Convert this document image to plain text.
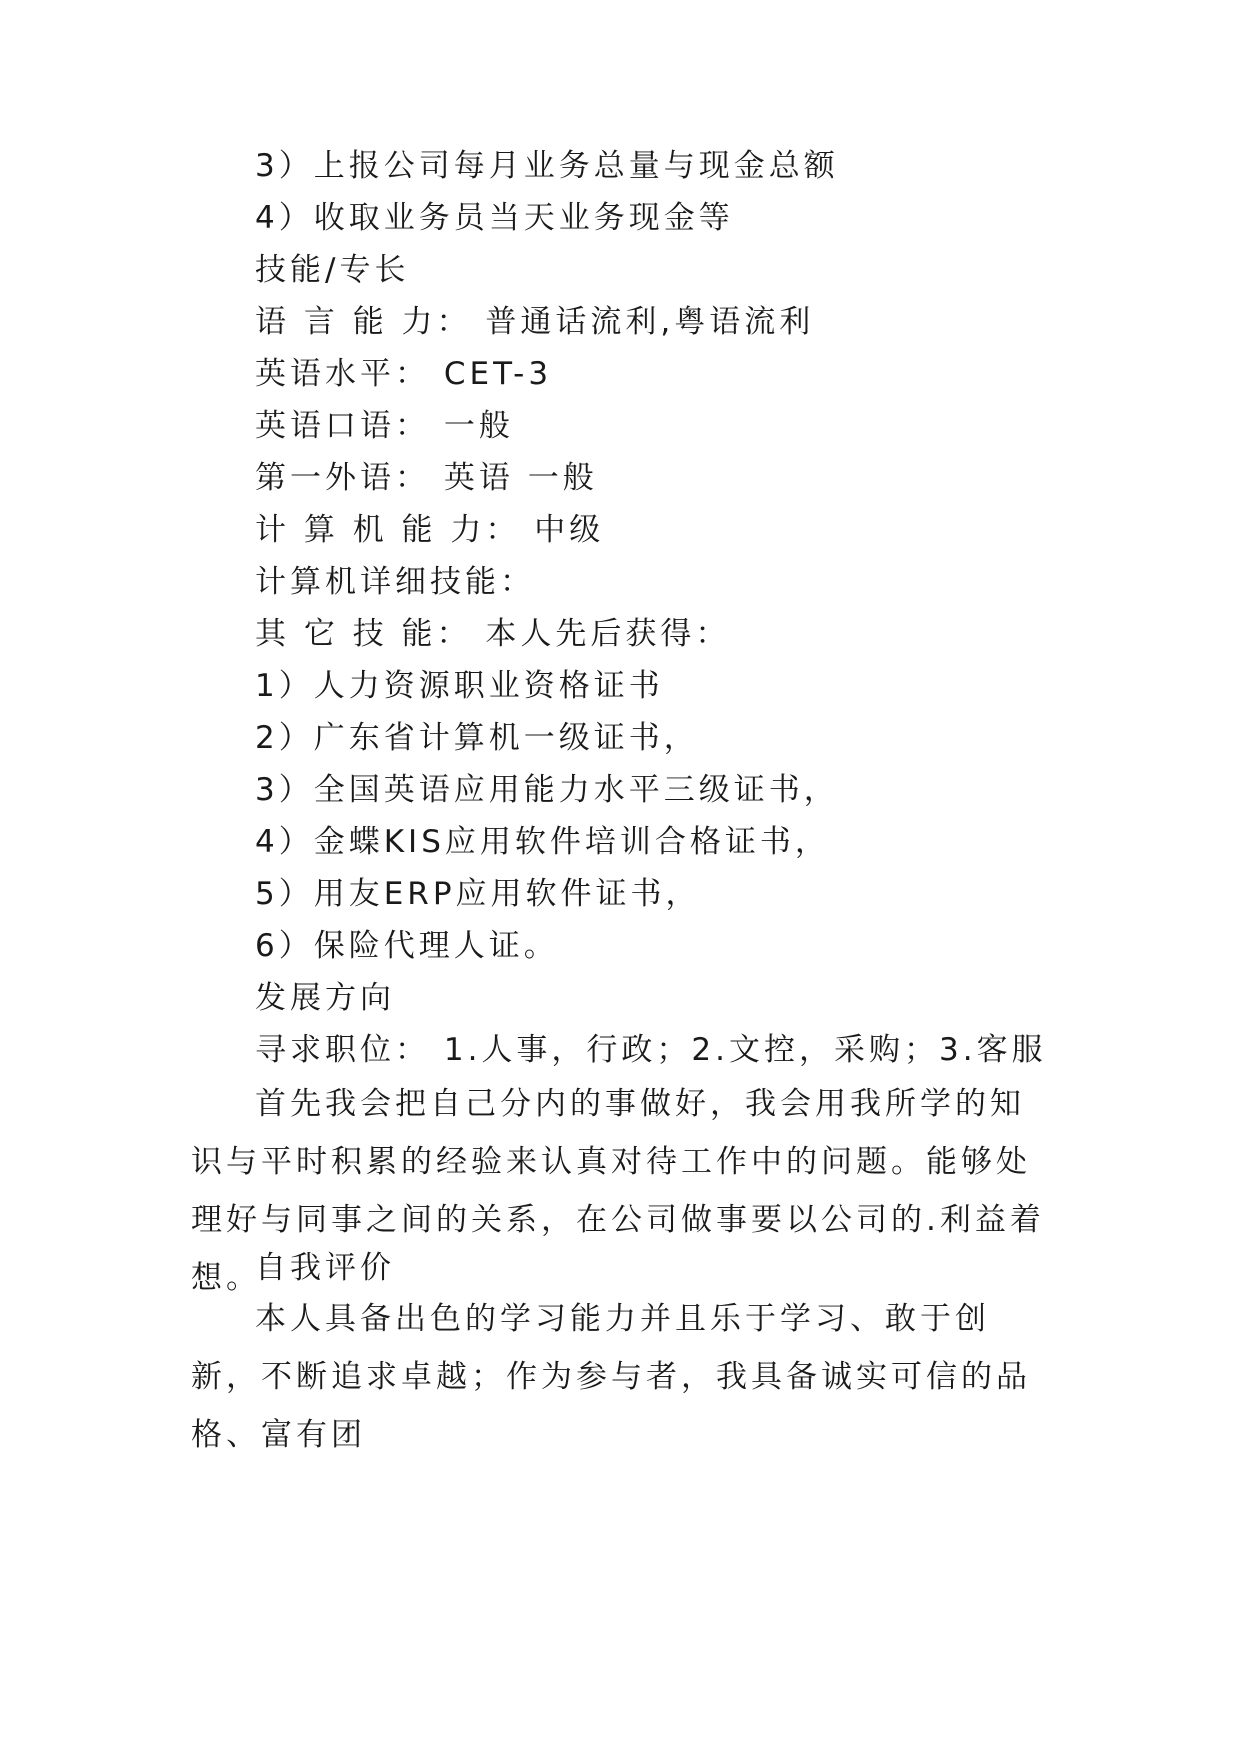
3）上报公司每月业务总量与现金总额
4）收取业务员当天业务现金等
技能/专长
语 言 能 力： 普通话流利,粤语流利
英语水平： CET-3
英语口语： 一般
第一外语： 英语 一般
计 算 机 能 力： 中级
计算机详细技能：
其 它 技 能： 本人先后获得：
1）人力资源职业资格证书
2）广东省计算机一级证书，
3）全国英语应用能力水平三级证书，
4）金蝶KIS应用软件培训合格证书，
5）用友ERP应用软件证书，
6）保险代理人证。
发展方向
寻求职位： 1.人事，行政；2.文控，采购；3.客服
首先我会把自己分内的事做好，我会用我所学的知识与平时积累的经验来认真对待工作中的问题。能够处理好与同事之间的关系，在公司做事要以公司的.利益着想。
自我评价
本人具备出色的学习能力并且乐于学习、敢于创新，不断追求卓越；作为参与者，我具备诚实可信的品格、富有团
